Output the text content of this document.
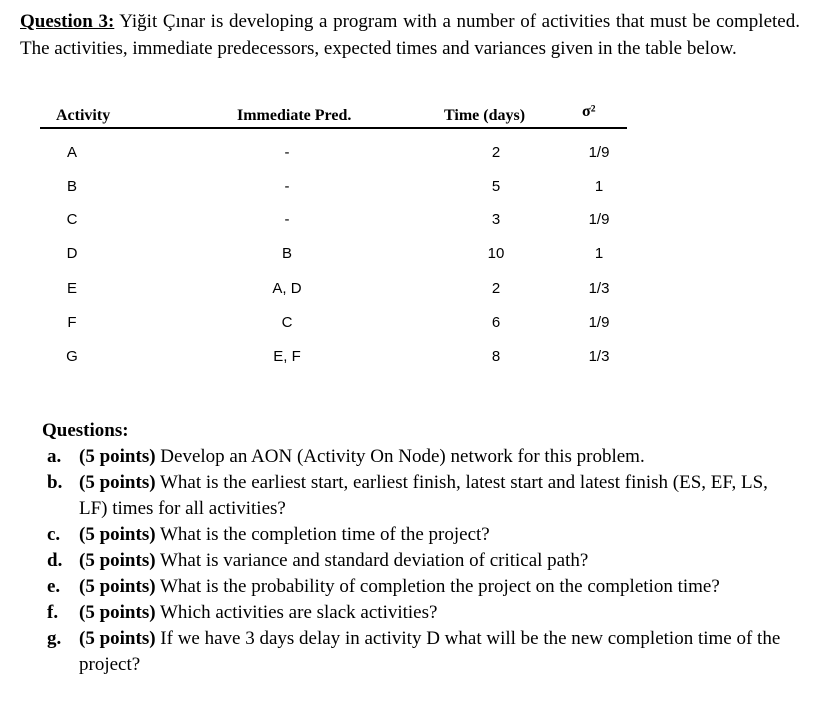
Question 3: Yiğit Çınar is developing a program with a number of activities that must be completed. The activities, immediate predecessors, expected times and variances given in the table below.
Activity	Immediate Pred.	Time (days)	σ²
A	-	2	1/9
B	-	5	1
C	-	3	1/9
D	B	10	1
E	A, D	2	1/3
F	C	6	1/9
G	E, F	8	1/3
Questions:
a. (5 points) Develop an AON (Activity On Node) network for this problem.
b. (5 points) What is the earliest start, earliest finish, latest start and latest finish (ES, EF, LS, LF) times for all activities?
c. (5 points) What is the completion time of the project?
d. (5 points) What is variance and standard deviation of critical path?
e. (5 points) What is the probability of completion the project on the completion time?
f. (5 points) Which activities are slack activities?
g. (5 points) If we have 3 days delay in activity D what will be the new completion time of the project?
